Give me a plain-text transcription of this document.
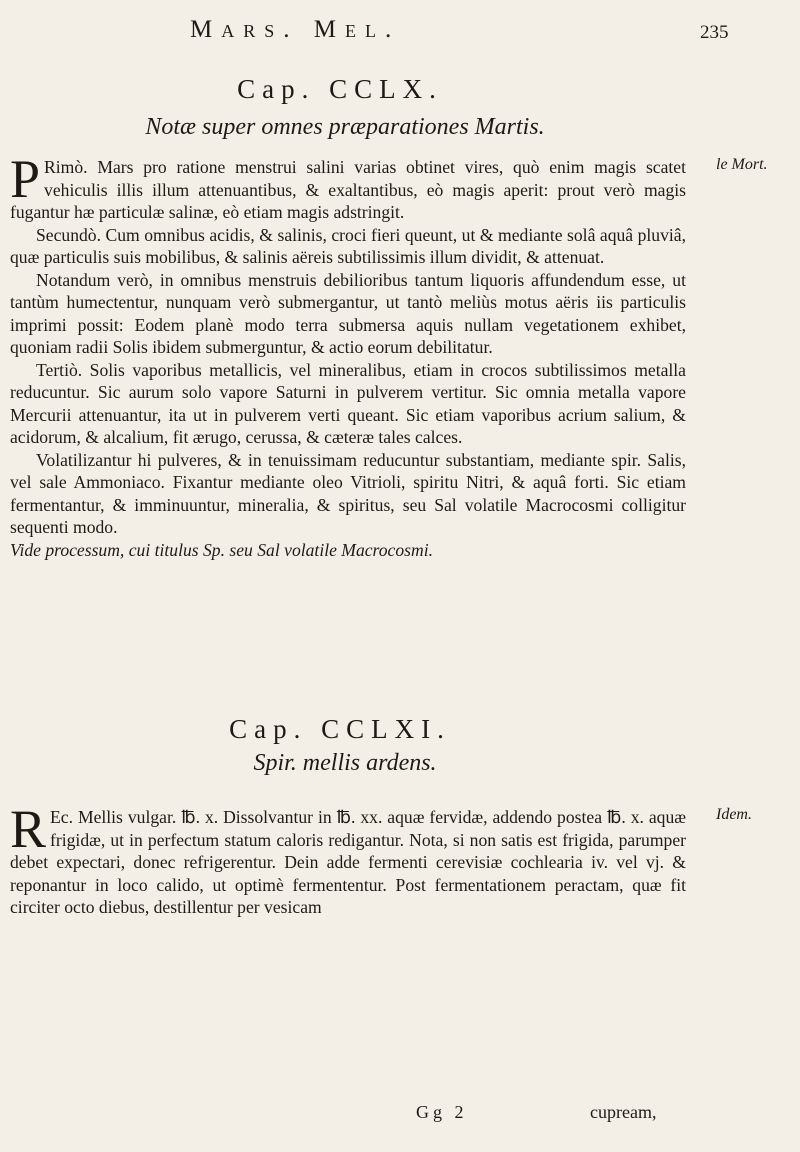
Mars. Mel.	235
Cap. CCLX.
Notæ super omnes præparationes Martis.
le Mort.

P Rimò. Mars pro ratione menstrui salini varias obtinet vires, quò enim magis scatet vehiculis illis illum attenuantibus, & exaltantibus, eò magis aperit: prout verò magis fugantur hæ particulæ salinæ, eò etiam magis adstringit.

Secundò. Cum omnibus acidis, & salinis, croci fieri queunt, ut & mediante solâ aquâ pluviâ, quæ particulis suis mobilibus, & salinis aëreis subtilissimis illum dividit, & attenuat.

Notandum verò, in omnibus menstruis debilioribus tantum liquoris affundendum esse, ut tantùm humectentur, nunquam verò submergantur, ut tantò meliùs motus aëris iis particulis imprimi possit: Eodem planè modo terra submersa aquis nullam vegetationem exhibet, quoniam radii Solis ibidem submerguntur, & actio eorum debilitatur.

Tertiò. Solis vaporibus metallicis, vel mineralibus, etiam in crocos subtilissimos metalla reducuntur. Sic aurum solo vapore Saturni in pulverem vertitur. Sic omnia metalla vapore Mercurii attenuantur, ita ut in pulverem verti queant. Sic etiam vaporibus acrium salium, & acidorum, & alcalium, fit ærugo, cerussa, & cæteræ tales calces.

Volatilizantur hi pulveres, & in tenuissimam reducuntur substantiam, mediante spir. Salis, vel sale Ammoniaco. Fixantur mediante oleo Vitrioli, spiritu Nitri, & aquâ forti. Sic etiam fermentantur, & imminuuntur, mineralia, & spiritus, seu Sal volatile Macrocosmi colligitur sequenti modo.

Vide processum, cui titulus Sp. seu Sal volatile Macrocosmi.

Cap. CCLXI.
Spir. mellis ardens.
Idem.

R Ec. Mellis vulgar. ℔. x. Dissolvantur in ℔. xx. aquæ fervidæ, addendo postea ℔. x. aquæ frigidæ, ut in perfectum statum caloris redigantur. Nota, si non satis est frigida, parumper debet expectari, donec refrigerentur. Dein adde fermenti cerevisiæ cochlearia iv. vel vj. & reponantur in loco calido, ut optimè fermententur. Post fermentationem peractam, quæ fit circiter octo diebus, destillentur per vesicam

Gg 2	cupream,
